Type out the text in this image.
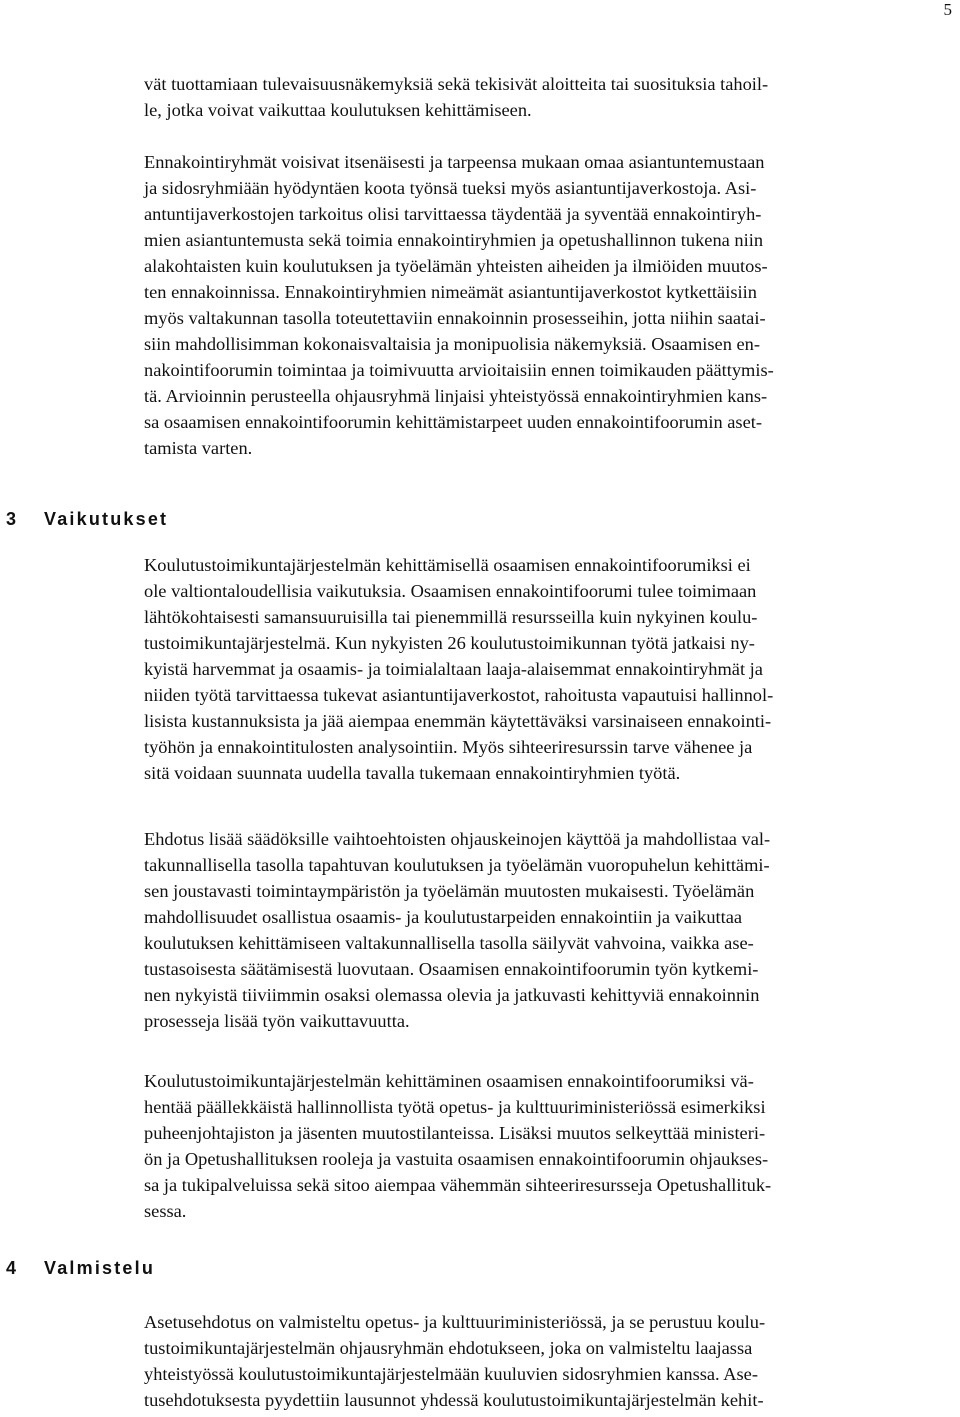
5

vät tuottamiaan tulevaisuusnäkemyksiä sekä tekisivät aloitteita tai suosituksia tahoil-
le, jotka voivat vaikuttaa koulutuksen kehittämiseen.

Ennakointiryhmät voisivat itsenäisesti ja tarpeensa mukaan omaa asiantuntemustaan
ja sidosryhmiään hyödyntäen koota työnsä tueksi myös asiantuntijaverkostoja. Asi-
antuntijaverkostojen tarkoitus olisi tarvittaessa täydentää ja syventää ennakointiryh-
mien asiantuntemusta sekä toimia ennakointiryhmien ja opetushallinnon tukena niin
alakohtaisten kuin koulutuksen ja työelämän yhteisten aiheiden ja ilmiöiden muutos-
ten ennakoinnissa. Ennakointiryhmien nimeämät asiantuntijaverkostot kytkettäisiin
myös valtakunnan tasolla toteutettaviin ennakoinnin prosesseihin, jotta niihin saatai-
siin mahdollisimman kokonaisvaltaisia ja monipuolisia näkemyksiä. Osaamisen en-
nakointifoorumin toimintaa ja toimivuutta arvioitaisiin ennen toimikauden päättymis-
tä. Arvioinnin perusteella ohjausryhmä linjaisi yhteistyössä ennakointiryhmien kans-
sa osaamisen ennakointifoorumin kehittämistarpeet uuden ennakointifoorumin aset-
tamista varten.

3 Vaikutukset

Koulutustoimikuntajärjestelmän kehittämisellä osaamisen ennakointifoorumiksi ei
ole valtiontaloudellisia vaikutuksia. Osaamisen ennakointifoorumi tulee toimimaan
lähtökohtaisesti samansuuruisilla tai pienemmillä resursseilla kuin nykyinen koulu-
tustoimikuntajärjestelmä. Kun nykyisten 26 koulutustoimikunnan työtä jatkaisi ny-
kyistä harvemmat ja osaamis- ja toimialaltaan laaja-alaisemmat ennakointiryhmät ja
niiden työtä tarvittaessa tukevat asiantuntijaverkostot, rahoitusta vapautuisi hallinnol-
lisista kustannuksista ja jää aiempaa enemmän käytettäväksi varsinaiseen ennakointi-
työhön ja ennakointitulosten analysointiin. Myös sihteeriresurssin tarve vähenee ja
sitä voidaan suunnata uudella tavalla tukemaan ennakointiryhmien työtä.

Ehdotus lisää säädöksille vaihtoehtoisten ohjauskeinojen käyttöä ja mahdollistaa val-
takunnallisella tasolla tapahtuvan koulutuksen ja työelämän vuoropuhelun kehittämi-
sen joustavasti toimintaympäristön ja työelämän muutosten mukaisesti. Työelämän
mahdollisuudet osallistua osaamis- ja koulutustarpeiden ennakointiin ja vaikuttaa
koulutuksen kehittämiseen valtakunnallisella tasolla säilyvät vahvoina, vaikka ase-
tustasoisesta säätämisestä luovutaan. Osaamisen ennakointifoorumin työn kytkemi-
nen nykyistä tiiviimmin osaksi olemassa olevia ja jatkuvasti kehittyviä ennakoinnin
prosesseja lisää työn vaikuttavuutta.

Koulutustoimikuntajärjestelmän kehittäminen osaamisen ennakointifoorumiksi vä-
hentää päällekkäistä hallinnollista työtä opetus- ja kulttuuriministeriössä esimerkiksi
puheenjohtajiston ja jäsenten muutostilanteissa. Lisäksi muutos selkeyttää ministeri-
ön ja Opetushallituksen rooleja ja vastuita osaamisen ennakointifoorumin ohjaukses-
sa ja tukipalveluissa sekä sitoo aiempaa vähemmän sihteeriresursseja Opetushallituk-
sessa.

4 Valmistelu

Asetusehdotus on valmisteltu opetus- ja kulttuuriministeriössä, ja se perustuu koulu-
tustoimikuntajärjestelmän ohjausryhmän ehdotukseen, joka on valmisteltu laajassa
yhteistyössä koulutustoimikuntajärjestelmään kuuluvien sidosryhmien kanssa. Ase-
tusehdotuksesta pyydettiin lausunnot yhdessä koulutustoimikuntajärjestelmän kehit-
